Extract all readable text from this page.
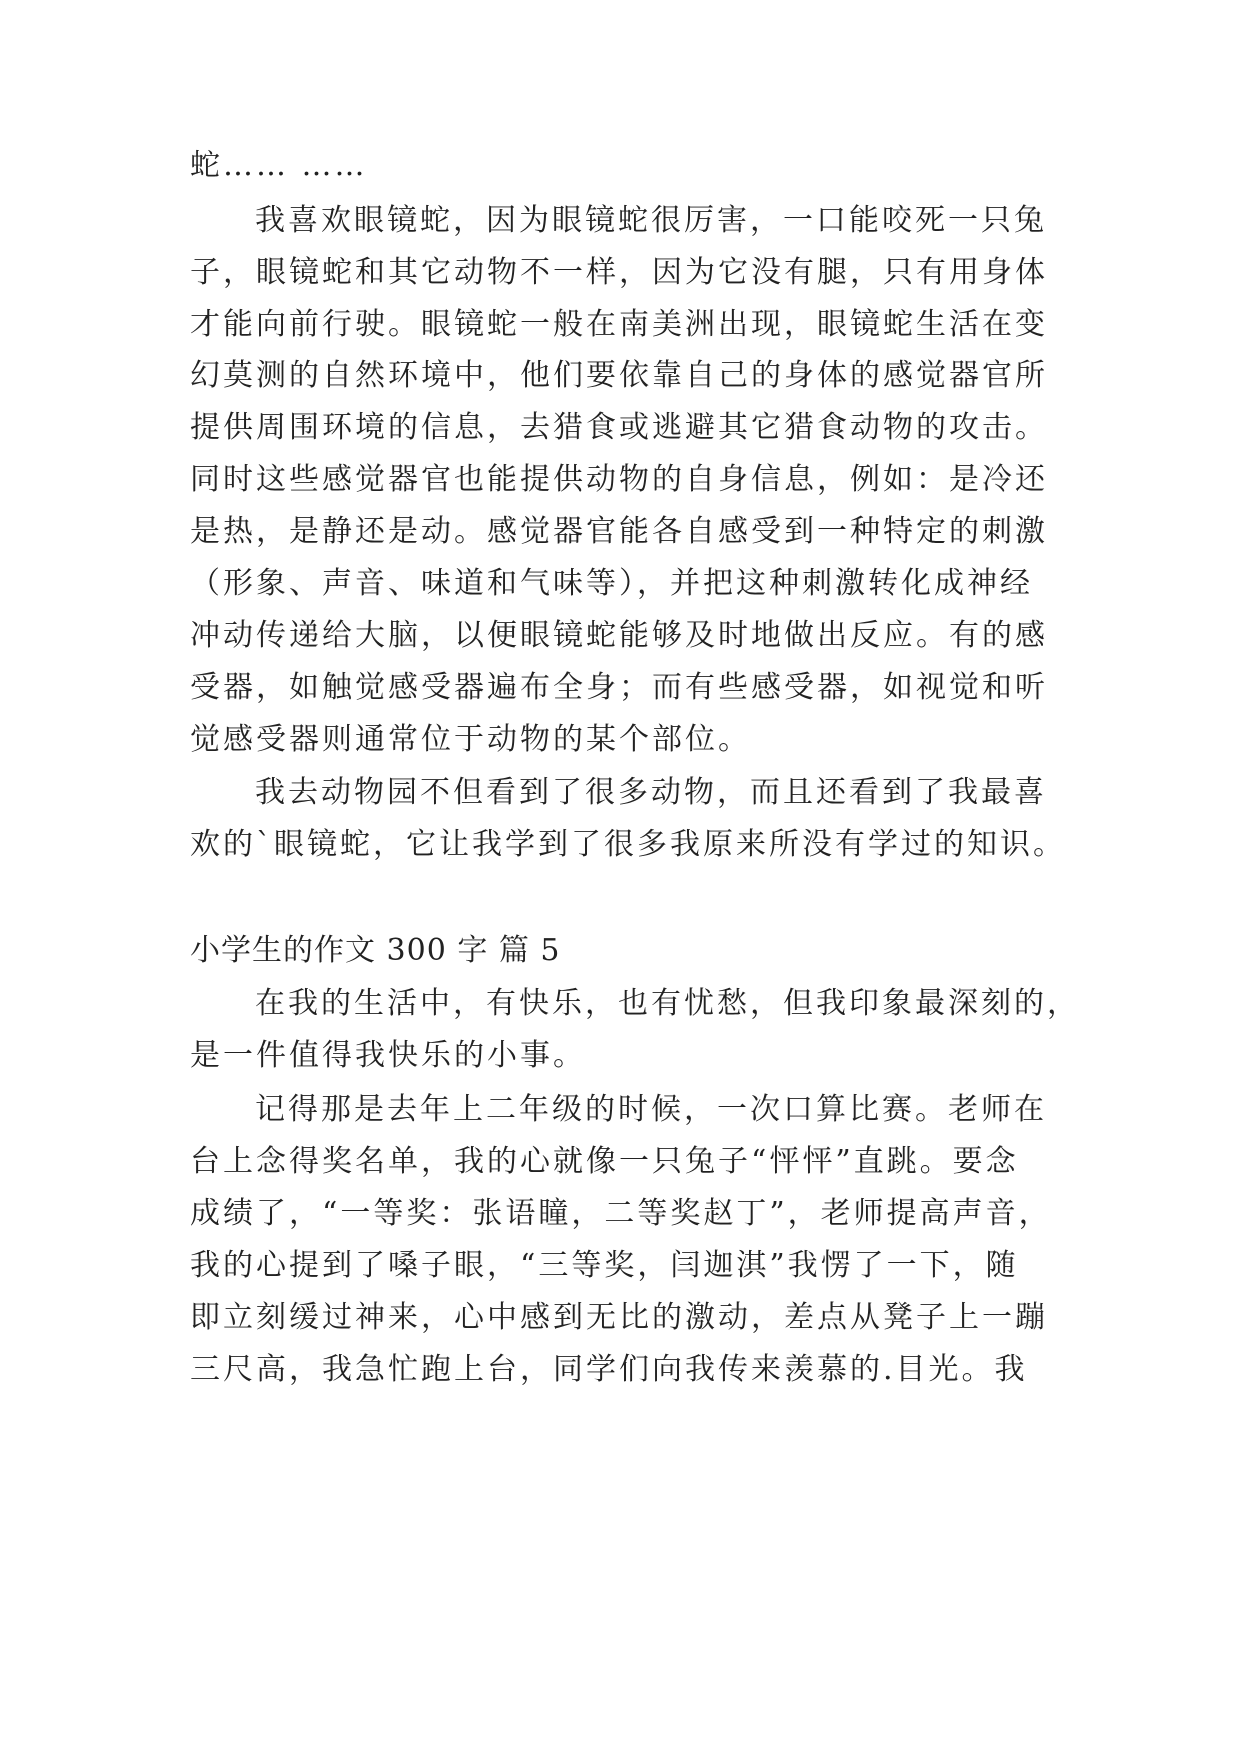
蛇…… ……
我喜欢眼镜蛇，因为眼镜蛇很厉害，一口能咬死一只兔
子，眼镜蛇和其它动物不一样，因为它没有腿，只有用身体
才能向前行驶。眼镜蛇一般在南美洲出现，眼镜蛇生活在变
幻莫测的自然环境中，他们要依靠自己的身体的感觉器官所
提供周围环境的信息，去猎食或逃避其它猎食动物的攻击。
同时这些感觉器官也能提供动物的自身信息，例如：是冷还
是热，是静还是动。感觉器官能各自感受到一种特定的刺激
（形象、声音、味道和气味等），并把这种刺激转化成神经
冲动传递给大脑，以便眼镜蛇能够及时地做出反应。有的感
受器，如触觉感受器遍布全身；而有些感受器，如视觉和听
觉感受器则通常位于动物的某个部位。
我去动物园不但看到了很多动物，而且还看到了我最喜
欢的`眼镜蛇，它让我学到了很多我原来所没有学过的知识。
小学生的作文 300 字 篇 5
在我的生活中，有快乐，也有忧愁，但我印象最深刻的，
是一件值得我快乐的小事。
记得那是去年上二年级的时候，一次口算比赛。老师在
台上念得奖名单，我的心就像一只兔子“怦怦”直跳。要念
成绩了，“一等奖：张语瞳，二等奖赵丁”，老师提高声音，
我的心提到了嗓子眼，“三等奖，闫迦淇”我愣了一下，随
即立刻缓过神来，心中感到无比的激动，差点从凳子上一蹦
三尺高，我急忙跑上台，同学们向我传来羡慕的.目光。我
